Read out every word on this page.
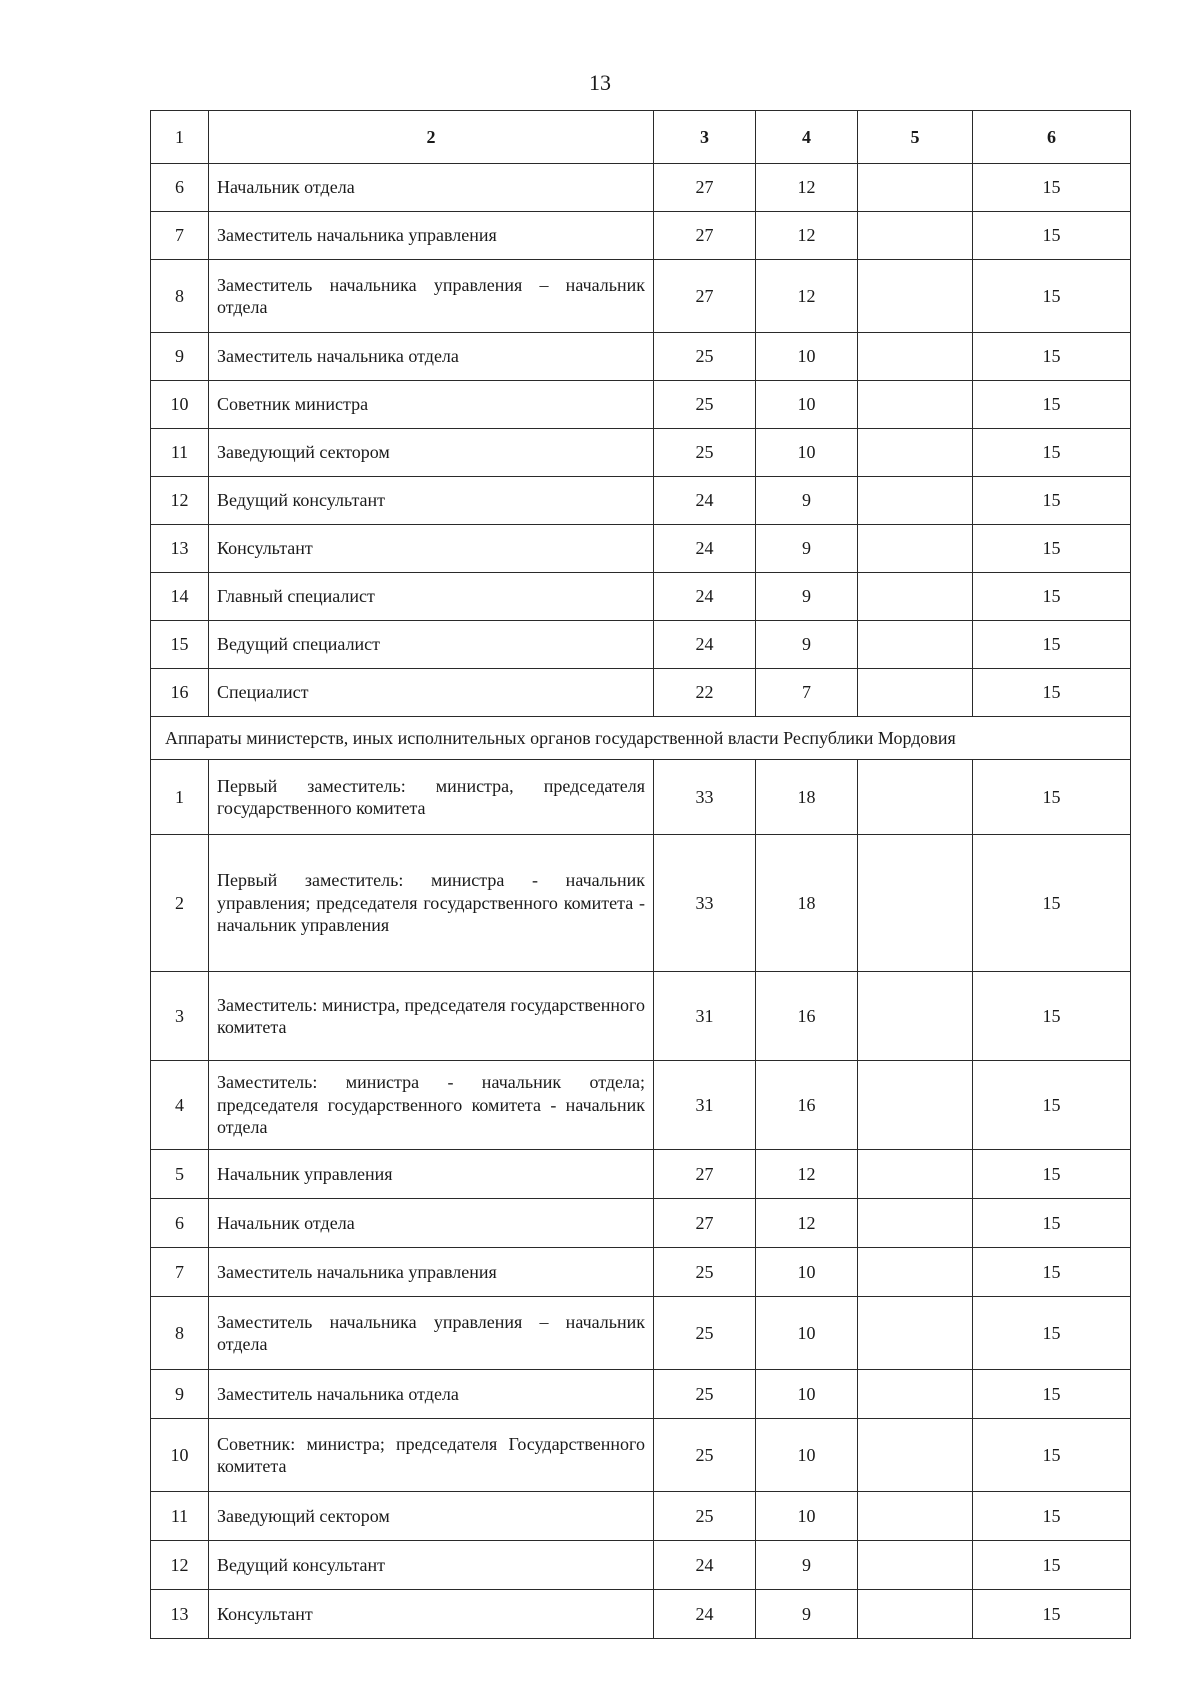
13
1	2	3	4	5	6
6	Начальник отдела	27	12		15
7	Заместитель начальника управления	27	12		15
8	Заместитель начальника управления – начальник отдела	27	12		15
9	Заместитель начальника отдела	25	10		15
10	Советник министра	25	10		15
11	Заведующий сектором	25	10		15
12	Ведущий консультант	24	9		15
13	Консультант	24	9		15
14	Главный специалист	24	9		15
15	Ведущий специалист	24	9		15
16	Специалист	22	7		15
Аппараты министерств, иных исполнительных органов государственной власти Республики Мордовия					
1	Первый заместитель: министра, председателя государственного комитета	33	18		15
2	Первый заместитель: министра - начальник управления; председателя государственного комитета - начальник управления	33	18		15
3	Заместитель: министра, председателя государственного комитета	31	16		15
4	Заместитель: министра - начальник отдела; председателя государственного комитета - начальник отдела	31	16		15
5	Начальник управления	27	12		15
6	Начальник отдела	27	12		15
7	Заместитель начальника управления	25	10		15
8	Заместитель начальника управления – начальник отдела	25	10		15
9	Заместитель начальника отдела	25	10		15
10	Советник: министра; председателя Государственного комитета	25	10		15
11	Заведующий сектором	25	10		15
12	Ведущий консультант	24	9		15
13	Консультант	24	9		15
